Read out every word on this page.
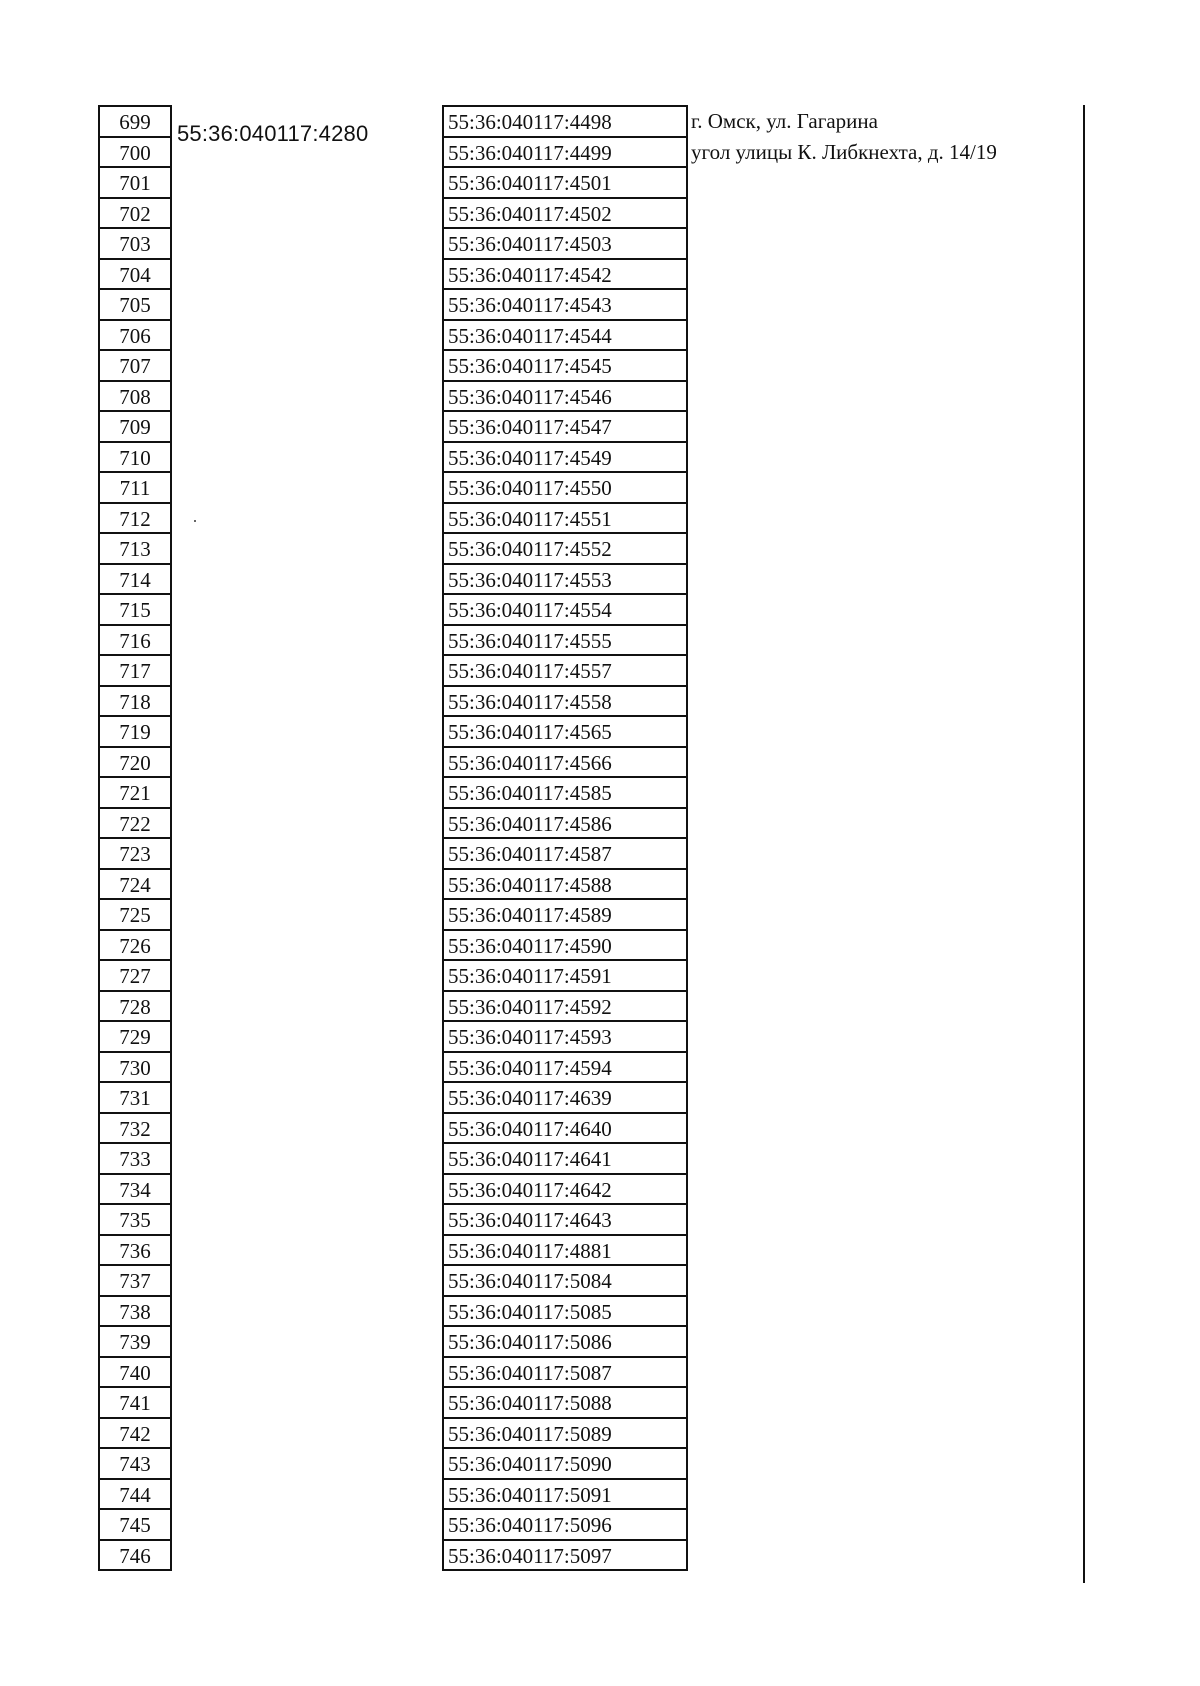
699
700
701
702
703
704
705
706
707
708
709
710
711
712
713
714
715
716
717
718
719
720
721
722
723
724
725
726
727
728
729
730
731
732
733
734
735
736
737
738
739
740
741
742
743
744
745
746
55:36:040117:4280	55:36:040117:4498
55:36:040117:4499
55:36:040117:4501
55:36:040117:4502
55:36:040117:4503
55:36:040117:4542
55:36:040117:4543
55:36:040117:4544
55:36:040117:4545
55:36:040117:4546
55:36:040117:4547
55:36:040117:4549
55:36:040117:4550
55:36:040117:4551
55:36:040117:4552
55:36:040117:4553
55:36:040117:4554
55:36:040117:4555
55:36:040117:4557
55:36:040117:4558
55:36:040117:4565
55:36:040117:4566
55:36:040117:4585
55:36:040117:4586
55:36:040117:4587
55:36:040117:4588
55:36:040117:4589
55:36:040117:4590
55:36:040117:4591
55:36:040117:4592
55:36:040117:4593
55:36:040117:4594
55:36:040117:4639
55:36:040117:4640
55:36:040117:4641
55:36:040117:4642
55:36:040117:4643
55:36:040117:4881
55:36:040117:5084
55:36:040117:5085
55:36:040117:5086
55:36:040117:5087
55:36:040117:5088
55:36:040117:5089
55:36:040117:5090
55:36:040117:5091
55:36:040117:5096
55:36:040117:5097
г. Омск, ул. Гагарина
угол улицы К. Либкнехта, д. 14/19
